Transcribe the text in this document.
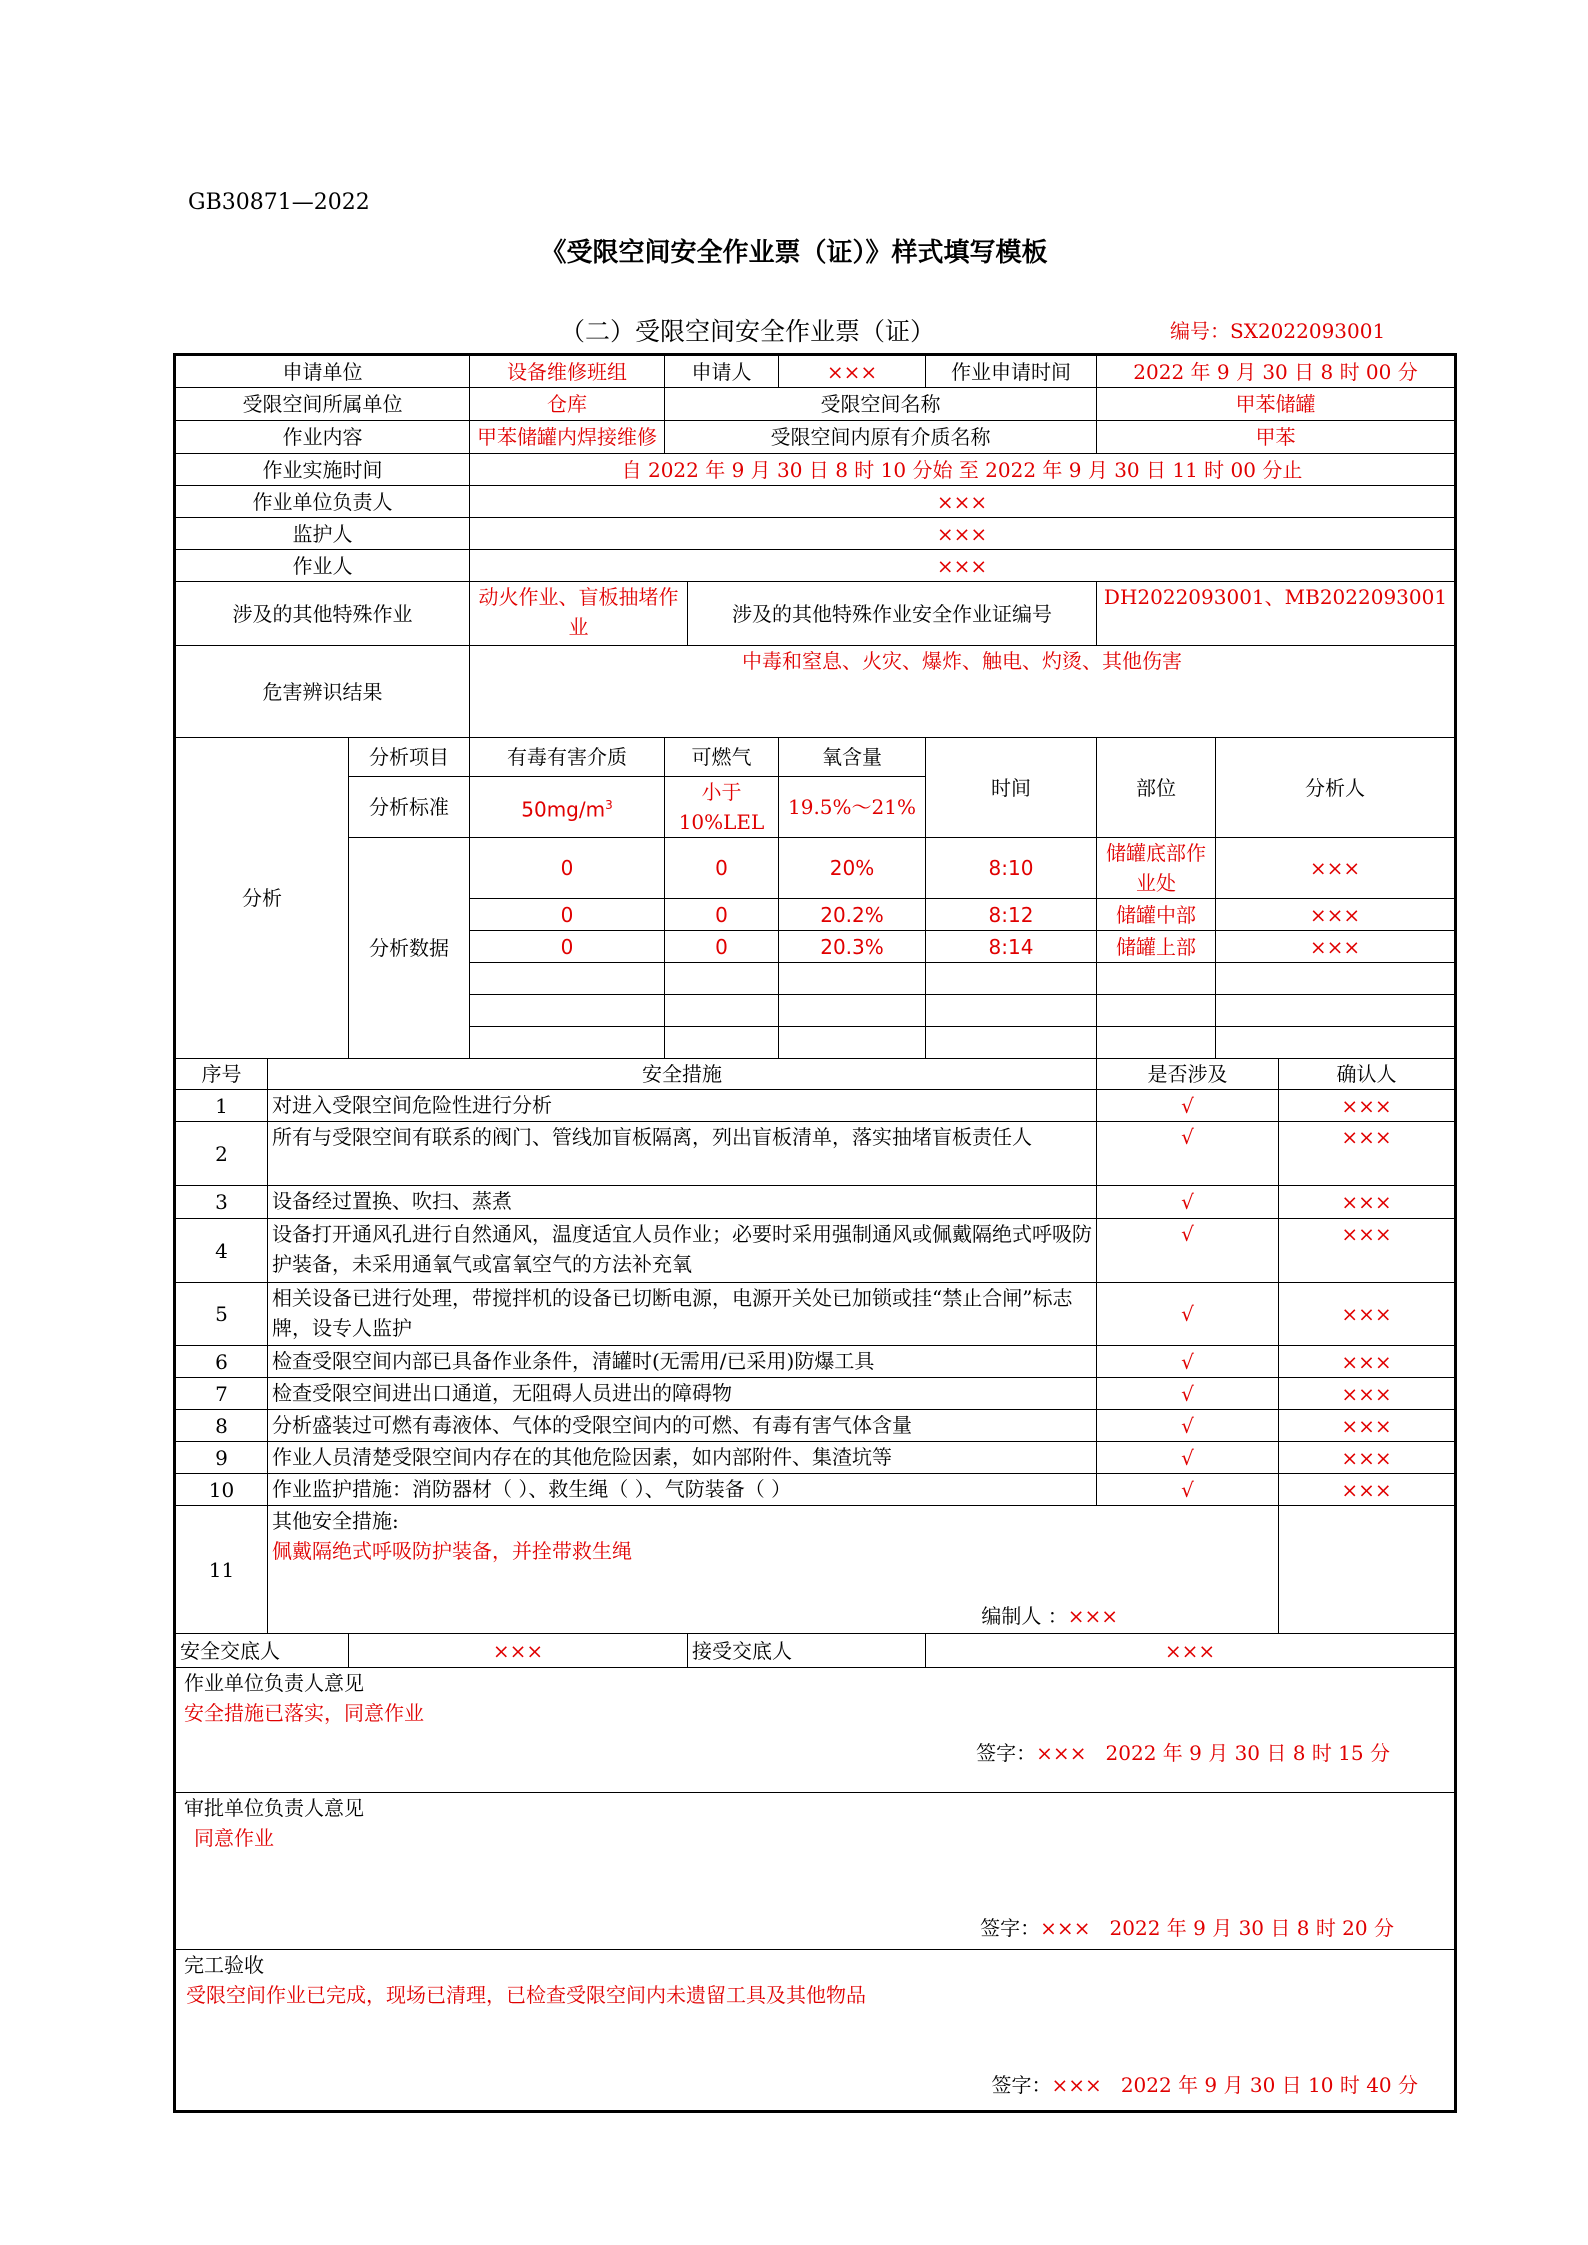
GB30871—2022
《受限空间安全作业票（证）》样式填写模板
（二）受限空间安全作业票（证）	编号：SX2022093001
申请单位			设备维修班组	申请人		×××	作业申请时间	2022 年 9 月 30 日 8 时 00 分		
受限空间所属单位			仓库	受限空间名称				甲苯储罐		
作业内容			甲苯储罐内焊接维修	受限空间内原有介质名称				甲苯		
作业实施时间			自 2022 年 9 月 30 日 8 时 10 分始 至 2022 年 9 月 30 日 11 时 00 分止							
作业单位负责人			×××							
监护人			×××							
作业人			×××							
涉及的其他特殊作业			动火作业、盲板抽堵作业		涉及的其他特殊作业安全作业证编号			DH2022093001、MB2022093001		
危害辨识结果			中毒和窒息、火灾、爆炸、触电、灼烫、其他伤害							
分析		分析项目	有毒有害介质	可燃气		氧含量	时间	部位	分析人	
		分析标准	$50mg/m^3$	小于 10%LEL		19.5%～21%				
		分析数据	0	0		20%	8:10	储罐底部作业处	×××	
			0	0		20.2%	8:12	储罐中部	×××	
			0	0		20.3%	8:14	储罐上部	×××	

序号	安全措施							是否涉及		确认人
1	对进入受限空间危险性进行分析							√		×××
2	所有与受限空间有联系的阀门、管线加盲板隔离，列出盲板清单，落实抽堵盲板责任人							√		×××
3	设备经过置换、吹扫、蒸煮							√		×××
4	设备打开通风孔进行自然通风，温度适宜人员作业；必要时采用强制通风或佩戴隔绝式呼吸防护装备，未采用通氧气或富氧空气的方法补充氧							√		×××
5	相关设备已进行处理，带搅拌机的设备已切断电源，电源开关处已加锁或挂“禁止合闸”标志牌，设专人监护							√		×××
6	检查受限空间内部已具备作业条件，清罐时(无需用/已采用)防爆工具							√		×××
7	检查受限空间进出口通道，无阻碍人员进出的障碍物							√		×××
8	分析盛装过可燃有毒液体、气体的受限空间内的可燃、有毒有害气体含量							√		×××
9	作业人员清楚受限空间内存在的其他危险因素，如内部附件、集渣坑等							√		×××
10	作业监护措施：消防器材（ ）、救生绳（ ）、气防装备（ ）							√		×××
11	其他安全措施:
佩戴隔绝式呼吸防护装备，并拴带救生绳
编制人 ：×××									

安全交底人		×××			接受交底人		×××			

作业单位负责人意见
安全措施已落实，同意作业
签字：××× 2022 年 9 月 30 日 8 时 15 分										

审批单位负责人意见
同意作业
签字：××× 2022 年 9 月 30 日 8 时 20 分										

完工验收
受限空间作业已完成，现场已清理，已检查受限空间内未遗留工具及其他物品
签字：××× 2022 年 9 月 30 日 10 时 40 分										
